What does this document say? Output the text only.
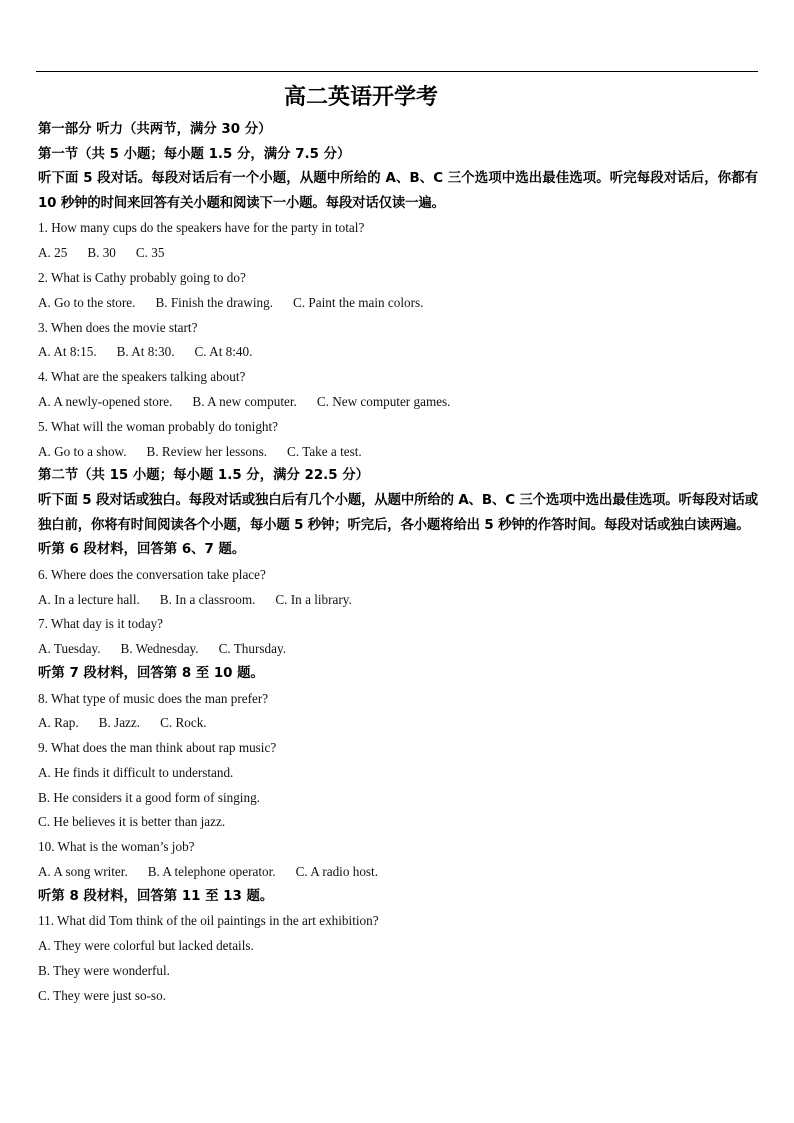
高二英语开学考
第一部分 听力（共两节，满分 30 分）
第一节（共 5 小题；每小题 1.5 分，满分 7.5 分）
听下面 5 段对话。每段对话后有一个小题，从题中所给的 A、B、C 三个选项中选出最佳选项。听完每段对话后，你都有 10 秒钟的时间来回答有关小题和阅读下一小题。每段对话仅读一遍。
1. How many cups do the speakers have for the party in total?
A. 25 B. 30 C. 35
2. What is Cathy probably going to do?
A. Go to the store. B. Finish the drawing. C. Paint the main colors.
3. When does the movie start?
A. At 8:15. B. At 8:30. C. At 8:40.
4. What are the speakers talking about?
A. A newly-opened store. B. A new computer. C. New computer games.
5. What will the woman probably do tonight?
A. Go to a show. B. Review her lessons. C. Take a test.
第二节（共 15 小题；每小题 1.5 分，满分 22.5 分）
听下面 5 段对话或独白。每段对话或独白后有几个小题，从题中所给的 A、B、C 三个选项中选出最佳选项。听每段对话或独白前，你将有时间阅读各个小题，每小题 5 秒钟；听完后，各小题将给出 5 秒钟的作答时间。每段对话或独白读两遍。
听第 6 段材料，回答第 6、7 题。
6. Where does the conversation take place?
A. In a lecture hall. B. In a classroom. C. In a library.
7. What day is it today?
A. Tuesday. B. Wednesday. C. Thursday.
听第 7 段材料，回答第 8 至 10 题。
8. What type of music does the man prefer?
A. Rap. B. Jazz. C. Rock.
9. What does the man think about rap music?
A. He finds it difficult to understand.
B. He considers it a good form of singing.
C. He believes it is better than jazz.
10. What is the woman’s job?
A. A song writer. B. A telephone operator. C. A radio host.
听第 8 段材料，回答第 11 至 13 题。
11. What did Tom think of the oil paintings in the art exhibition?
A. They were colorful but lacked details.
B. They were wonderful.
C. They were just so-so.
